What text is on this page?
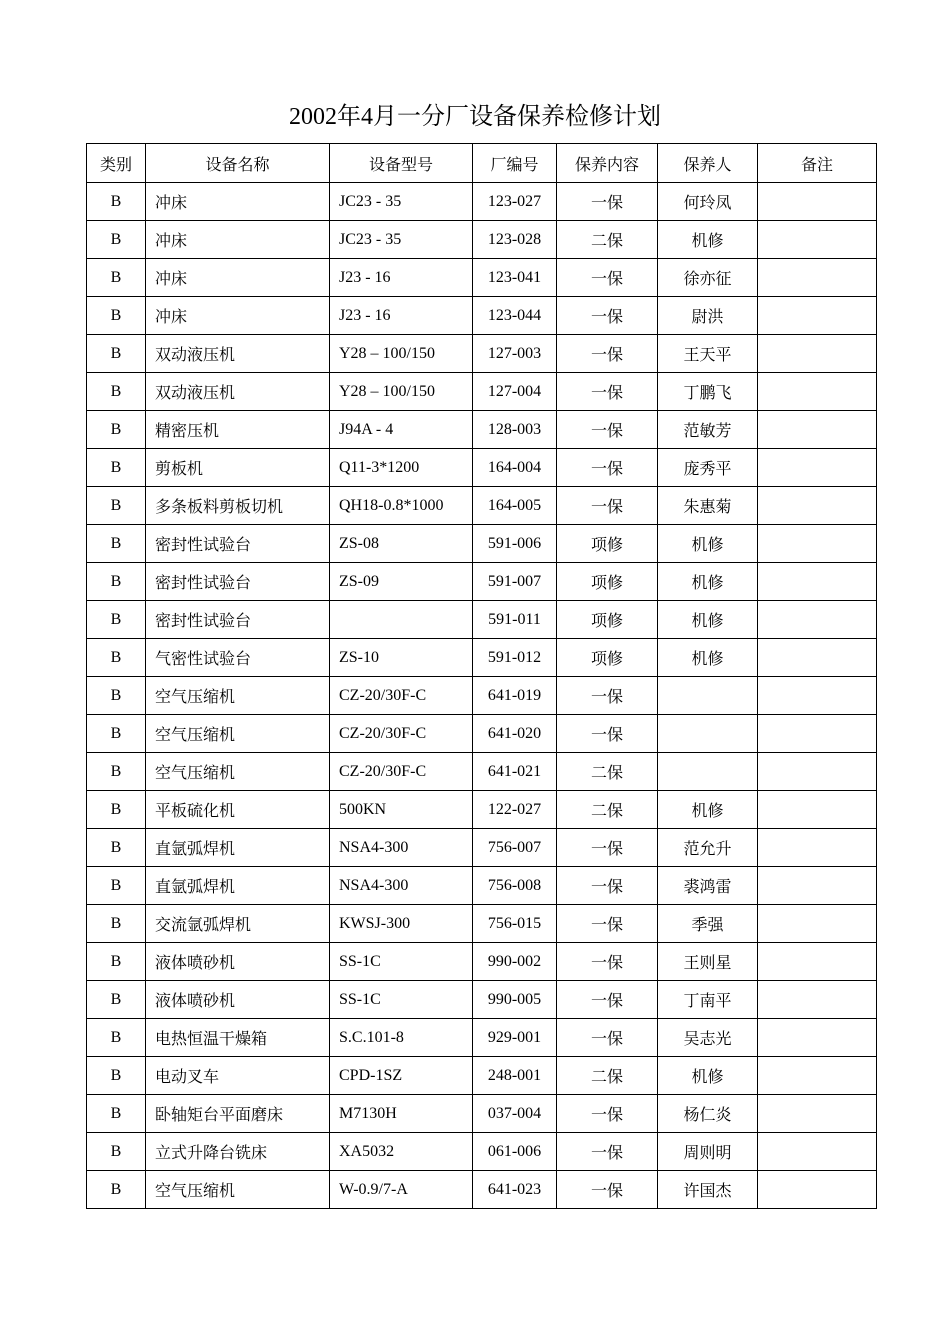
2002年4月一分厂设备保养检修计划
类别	设备名称	设备型号	厂编号	保养内容	保养人	备注
B	冲床	JC23 - 35	123-027	一保	何玲凤	
B	冲床	JC23 - 35	123-028	二保	机修	
B	冲床	J23 - 16	123-041	一保	徐亦征	
B	冲床	J23 - 16	123-044	一保	尉洪	
B	双动液压机	Y28 – 100/150	127-003	一保	王天平	
B	双动液压机	Y28 – 100/150	127-004	一保	丁鹏飞	
B	精密压机	J94A - 4	128-003	一保	范敏芳	
B	剪板机	Q11-3*1200	164-004	一保	庞秀平	
B	多条板料剪板切机	QH18-0.8*1000	164-005	一保	朱惠菊	
B	密封性试验台	ZS-08	591-006	项修	机修	
B	密封性试验台	ZS-09	591-007	项修	机修	
B	密封性试验台		591-011	项修	机修	
B	气密性试验台	ZS-10	591-012	项修	机修	
B	空气压缩机	CZ-20/30F-C	641-019	一保		
B	空气压缩机	CZ-20/30F-C	641-020	一保		
B	空气压缩机	CZ-20/30F-C	641-021	二保		
B	平板硫化机	500KN	122-027	二保	机修	
B	直氩弧焊机	NSA4-300	756-007	一保	范允升	
B	直氩弧焊机	NSA4-300	756-008	一保	裘鸿雷	
B	交流氩弧焊机	KWSJ-300	756-015	一保	季强	
B	液体喷砂机	SS-1C	990-002	一保	王则星	
B	液体喷砂机	SS-1C	990-005	一保	丁南平	
B	电热恒温干燥箱	S.C.101-8	929-001	一保	吴志光	
B	电动叉车	CPD-1SZ	248-001	二保	机修	
B	卧轴矩台平面磨床	M7130H	037-004	一保	杨仁炎	
B	立式升降台铣床	XA5032	061-006	一保	周则明	
B	空气压缩机	W-0.9/7-A	641-023	一保	许国杰	
